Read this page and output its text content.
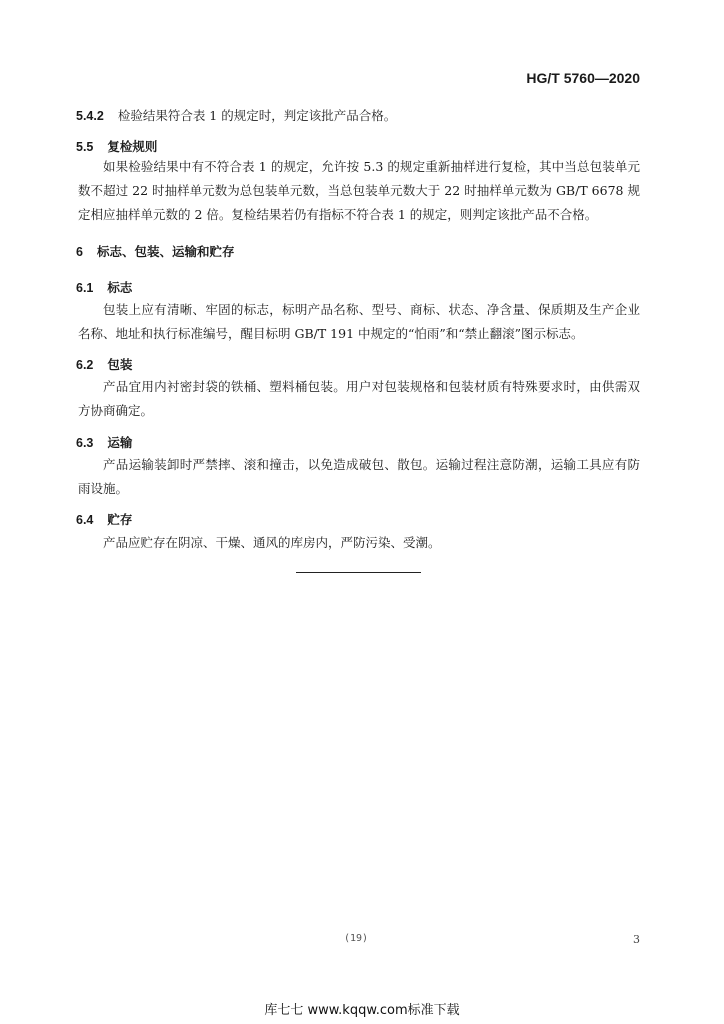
HG/T 5760—2020
5.4.2 检验结果符合表 1 的规定时，判定该批产品合格。
5.5 复检规则

如果检验结果中有不符合表 1 的规定，允许按 5.3 的规定重新抽样进行复检，其中当总包装单元数不超过 22 时抽样单元数为总包装单元数，当总包装单元数大于 22 时抽样单元数为 GB/T 6678 规定相应抽样单元数的 2 倍。复检结果若仍有指标不符合表 1 的规定，则判定该批产品不合格。

6 标志、包装、运输和贮存
6.1 标志

包装上应有清晰、牢固的标志，标明产品名称、型号、商标、状态、净含量、保质期及生产企业名称、地址和执行标准编号，醒目标明 GB/T 191 中规定的“怕雨”和“禁止翻滚”图示标志。

6.2 包装

产品宜用内衬密封袋的铁桶、塑料桶包装。用户对包装规格和包装材质有特殊要求时，由供需双方协商确定。

6.3 运输

产品运输装卸时严禁摔、滚和撞击，以免造成破包、散包。运输过程注意防潮，运输工具应有防雨设施。

6.4 贮存

产品应贮存在阴凉、干燥、通风的库房内，严防污染、受潮。

(19)	3
库七七 www.kqqw.com标准下载
